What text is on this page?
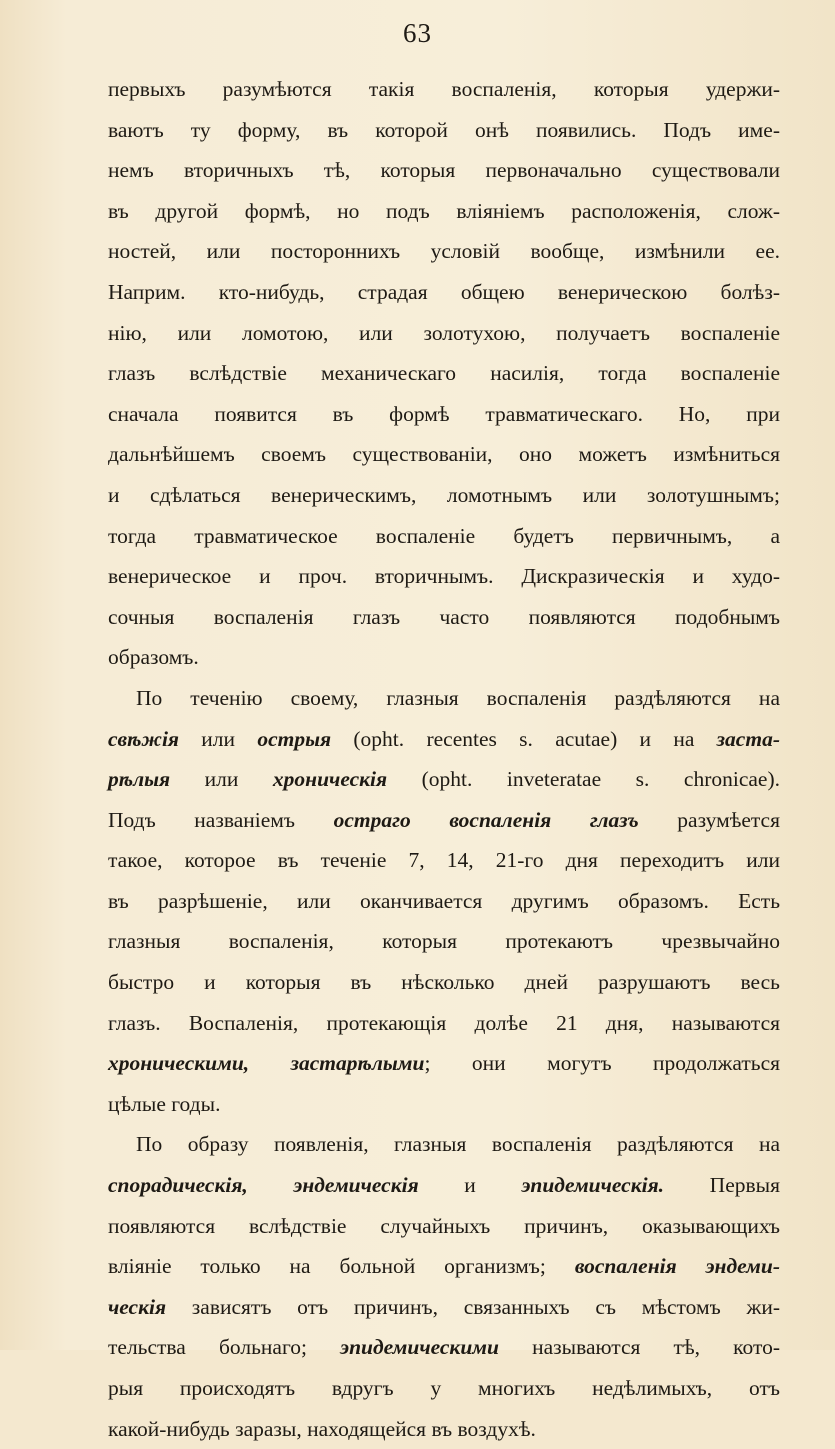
63
первыхъ разумѣются такія воспаленія, которыя удержи-
ваютъ ту форму, въ которой онѣ появились. Подъ име-
немъ вторичныхъ тѣ, которыя первоначально существовали
въ другой формѣ, но подъ вліяніемъ расположенія, слож-
ностей, или постороннихъ условій вообще, измѣнили ее.
Наприм. кто-нибудь, страдая общею венерическою болѣз-
нію, или ломотою, или золотухою, получаетъ воспаленіе
глазъ вслѣдствіе механическаго насилія, тогда воспаленіе
сначала появится въ формѣ травматическаго. Но, при
дальнѣйшемъ своемъ существованіи, оно можетъ измѣниться
и сдѣлаться венерическимъ, ломотнымъ или золотушнымъ;
тогда травматическое воспаленіе будетъ первичнымъ, а
венерическое и проч. вторичнымъ. Дискразическія и худо-
сочныя воспаленія глазъ часто появляются подобнымъ
образомъ.
По теченію своему, глазныя воспаленія раздѣляются на
свѣжія или острыя (opht. recentes s. acutae) и на заста-
рѣлыя или хроническія (opht. inveteratae s. chronicae).
Подъ названіемъ остраго воспаленія глазъ разумѣется
такое, которое въ теченіе 7, 14, 21-го дня переходитъ или
въ разрѣшеніе, или оканчивается другимъ образомъ. Есть
глазныя воспаленія, которыя протекаютъ чрезвычайно
быстро и которыя въ нѣсколько дней разрушаютъ весь
глазъ. Воспаленія, протекающія долѣе 21 дня, называются
хроническими, застарѣлыми; они могутъ продолжаться
цѣлые годы.
По образу появленія, глазныя воспаленія раздѣляются на
спорадическія, эндемическія и эпидемическія. Первыя
появляются вслѣдствіе случайныхъ причинъ, оказывающихъ
вліяніе только на больной организмъ; воспаленія эндеми-
ческія зависятъ отъ причинъ, связанныхъ съ мѣстомъ жи-
тельства больнаго; эпидемическими называются тѣ, кото-
рыя происходятъ вдругъ у многихъ недѣлимыхъ, отъ
какой-нибудь заразы, находящейся въ воздухѣ.
